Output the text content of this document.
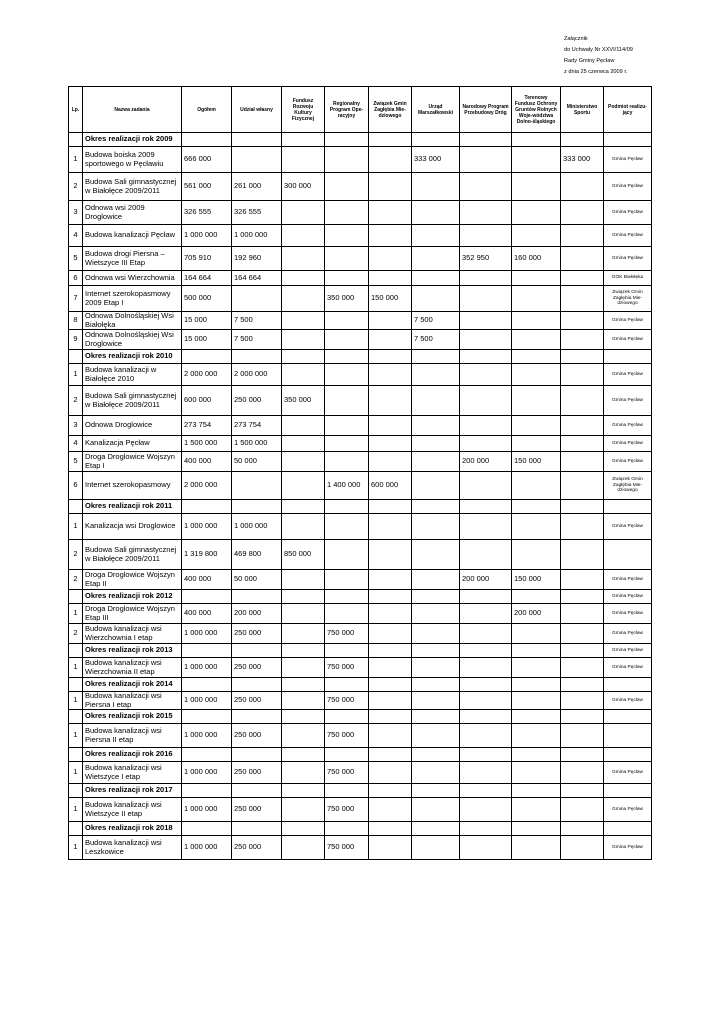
Załącznik
do Uchwały Nr XXVI/114/09
Rady Gminy Pęcław
z dnia 25 czerwca 2009 r.
Lp.	Nazwa zadania	Ogółem	Udział własny	Fundusz Rozwoju Kultury Fizycznej	Regionalny Program Ope-racyjny	Związek Gmin Zagłębia Mie-dziowego	Urząd Marszałkowski	Narodowy Program Przebudowy Dróg	Terenowy Fundusz Ochrony Gruntów Rolnych Woje-wództwa Dolno-śląskiego	Ministerstwo Sportu	Podmiot realizu-jący
	Okres realizacji rok 2009										
1	Budowa boiska 2009 sportowego w Pęcławiu	666 000					333 000			333 000	Gmina Pęcław
2	Budowa Sali gimnastycznej w Białołęce 2009/2011	561 000	261 000	300 000							Gmina Pęcław
3	Odnowa wsi 2009 Droglowice	326 555	326 555								Gmina Pęcław
4	Budowa kanalizacji Pęcław	1 000 000	1 000 000								Gmina Pęcław
5	Budowa drogi Piersna – Wietszyce III Etap	705 910	192 960					352 950	160 000		Gmina Pęcław
6	Odnowa wsi Wierzchownia	164 664	164 664								GOK Białołęka
7	Internet szerokopasmowy 2009 Etap I	500 000			350 000	150 000					Związek Gmin Zagłębia Mie-dziowego
8	Odnowa Dolnośląskiej Wsi Białołęka	15 000	7 500				7 500				Gmina Pęcław
9	Odnowa Dolnośląskiej Wsi Droglowice	15 000	7 500				7 500				Gmina Pęcław
	Okres realizacji rok 2010										
1	Budowa kanalizacji w Białołęce 2010	2 000 000	2 000 000								Gmina Pęcław
2	Budowa Sali gimnastycznej w Białołęce 2009/2011	600 000	250 000	350 000							Gmina Pęcław
3	Odnowa Droglowice	273 754	273 754								Gmina Pęcław
4	Kanalizacja Pęcław	1 500 000	1 500 000								Gmina Pęcław
5	Droga Droglowice Wojszyn Etap I	400 000	50 000					200 000	150 000		Gmina Pęcław
6	Internet szerokopasmowy	2 000 000			1 400 000	600 000					Związek Gmin Zagłębia Mie-dziowego
	Okres realizacji rok 2011										
1	Kanalizacja wsi Droglowice	1 000 000	1 000 000								Gmina Pęcław
2	Budowa Sali gimnastycznej w Białołęce 2009/2011	1 319 800	469 800	850 000							
2	Droga Droglowice Wojszyn Etap II	400 000	50 000					200 000	150 000		Gmina Pęcław
	Okres realizacji rok 2012										Gmina Pęcław
1	Droga Droglowice Wojszyn Etap III	400 000	200 000						200 000		Gmina Pęcław
2	Budowa kanalizacji wsi Wierzchownia I etap	1 000 000	250 000		750 000						Gmina Pęcław
	Okres realizacji rok 2013										Gmina Pęcław
1	Budowa kanalizacji wsi Wierzchownia II etap	1 000 000	250 000		750 000						Gmina Pęcław
	Okres realizacji rok 2014										
1	Budowa kanalizacji wsi Piersna I etap	1 000 000	250 000		750 000						Gmina Pęcław
	Okres realizacji rok 2015										
1	Budowa kanalizacji wsi Piersna II etap	1 000 000	250 000		750 000						
	Okres realizacji rok 2016										
1	Budowa kanalizacji wsi Wietszyce I etap	1 000 000	250 000		750 000						Gmina Pęcław
	Okres realizacji rok 2017										
1	Budowa kanalizacji wsi Wietszyce II etap	1 000 000	250 000		750 000						Gmina Pęcław
	Okres realizacji rok 2018										
1	Budowa kanalizacji wsi Leszkowice	1 000 000	250 000		750 000						Gmina Pęcław
